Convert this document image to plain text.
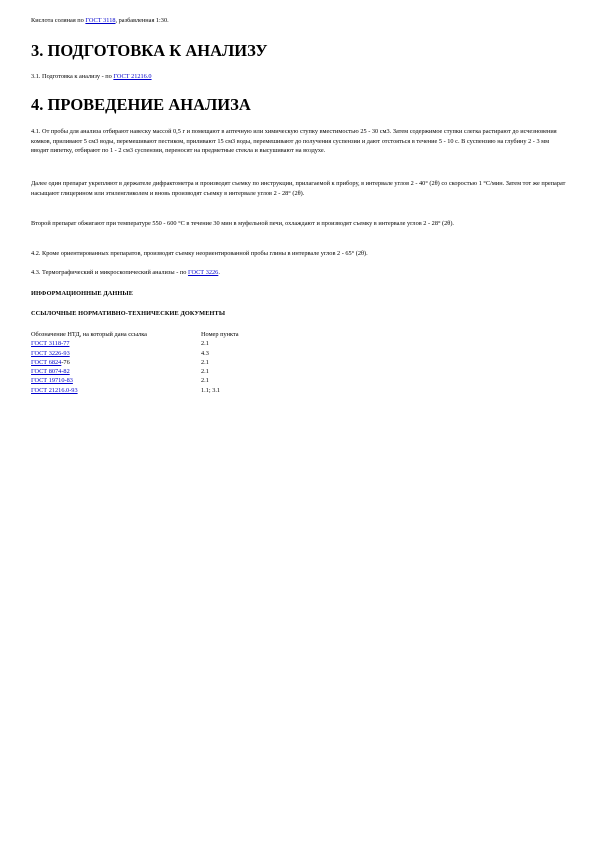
Кислота соляная по ГОСТ 3118, разбавленная 1:30.

3. ПОДГОТОВКА К АНАЛИЗУ

3.1. Подготовка к анализу - по ГОСТ 21216.0

4. ПРОВЕДЕНИЕ АНАЛИЗА

4.1. От пробы для анализа отбирают навеску массой 0,5 г и помещают в аптечную или химическую ступку вместимостью 25 - 30 см3. Затем содержимое ступки слегка растирают до исчезновения комков, приливают 5 см3 воды, перемешивают пестиком, приливают 15 см3 воды, перемешивают до получения суспензии и дают отстояться в течение 5 - 10 с. В суспензию на глубину 2 - 3 мм вводят пипетку, отбирают по 1 - 2 см3 суспензии, переносят на предметные стекла и высушивают на воздухе.

Далее один препарат укрепляют в держателе дифрактометра и производят съемку по инструкции, прилагаемой к прибору, в интервале углов 2 - 40° (2θ) со скоростью 1 °С/мин. Затем тот же препарат насыщают глицерином или этиленгликолем и вновь производят съемку в интервале углов 2 - 28° (2θ).

Второй препарат обжигают при температуре 550 - 600 °С в течение 30 мин в муфельной печи, охлаждают и производят съемку в интервале углов 2 - 28° (2θ).

4.2. Кроме ориентированных препаратов, производят съемку неориентированной пробы глины в интервале углов 2 - 65° (2θ).

4.3. Термографический и микроскопический анализы - по ГОСТ 3226.

ИНФОРМАЦИОННЫЕ ДАННЫЕ

ССЫЛОЧНЫЕ НОРМАТИВНО-ТЕХНИЧЕСКИЕ ДОКУМЕНТЫ

Обозначение НТД, на который дана ссылка	Номер пункта
ГОСТ 3118-77	2.1
ГОСТ 3226-93	4.3
ГОСТ 6824-76	2.1
ГОСТ 8074-82	2.1
ГОСТ 19710-83	2.1
ГОСТ 21216.0-93	1.1; 3.1
